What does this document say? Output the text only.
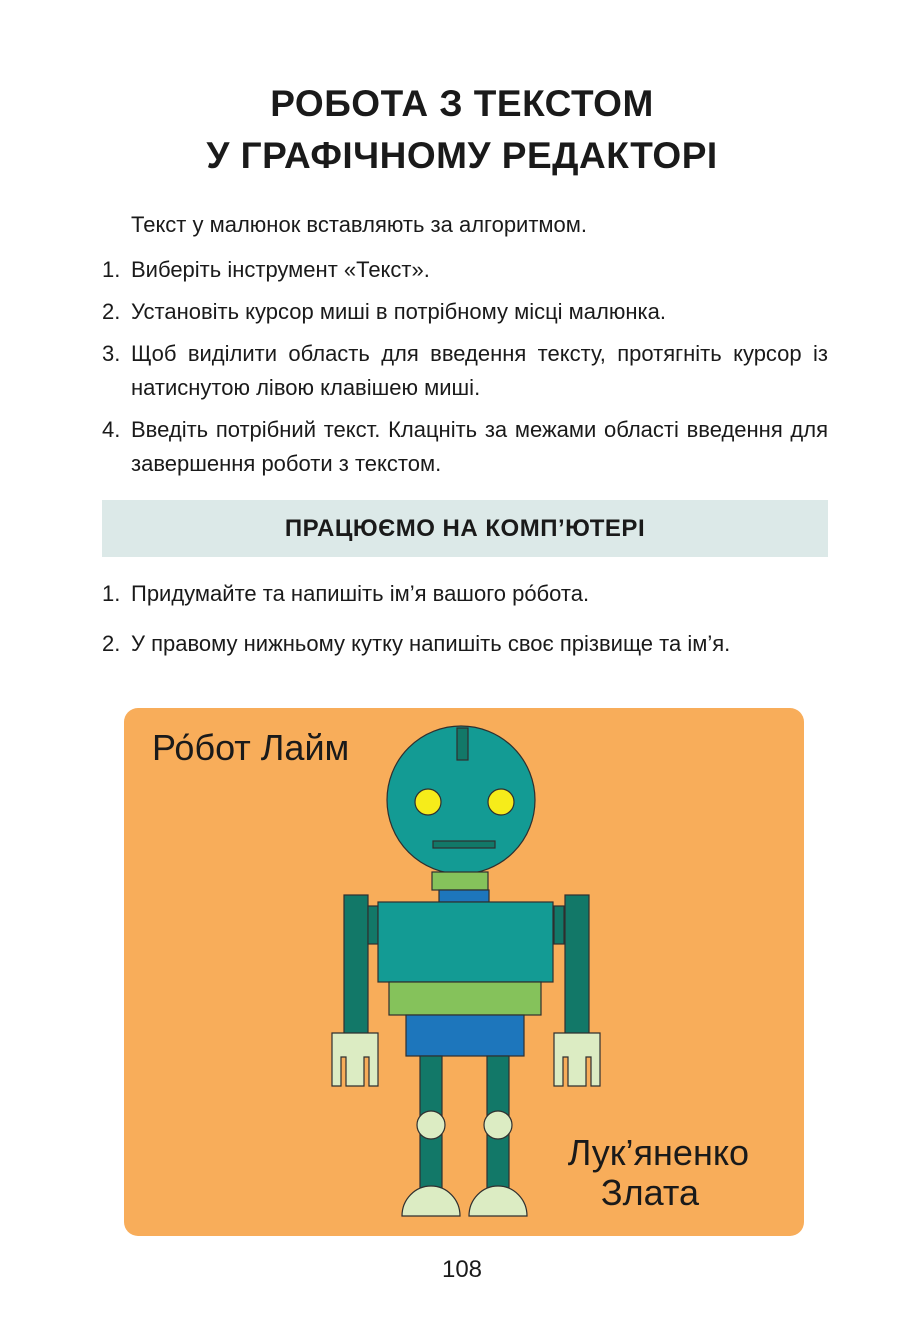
РОБОТА З ТЕКСТОМ
У ГРАФІЧНОМУ РЕДАКТОРІ

Текст у малюнок вставляють за алгоритмом.

1. Виберіть інструмент «Текст».
2. Установіть курсор миші в потрібному місці малюнка.
3. Щоб виділити область для введення тексту, протягніть курсор із натиснутою лівою клавішею миші.
4. Введіть потрібний текст. Клацніть за межами області введення для завершення роботи з текстом.
ПРАЦЮЄМО НА КОМП’ЮТЕРІ
1. Придумайте та напишіть ім’я вашого ро́бота.
2. У правому нижньому кутку напишіть своє прізвище та ім’я.
Ро́бот Лайм
Лук’яненко
Злата
108
